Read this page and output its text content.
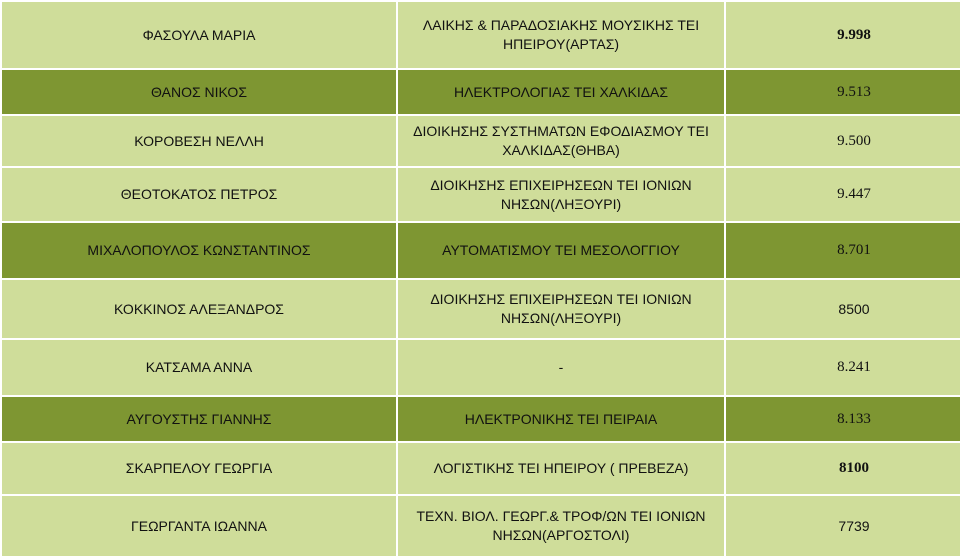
ΦΑΣΟΥΛΑ ΜΑΡΙΑ	ΛΑΙΚΗΣ & ΠΑΡΑΔΟΣΙΑΚΗΣ ΜΟΥΣΙΚΗΣ ΤΕΙ ΗΠΕΙΡΟΥ(ΑΡΤΑΣ)	9.998
ΘΑΝΟΣ ΝΙΚΟΣ	ΗΛΕΚΤΡΟΛΟΓΙΑΣ ΤΕΙ ΧΑΛΚΙΔΑΣ	9.513
ΚΟΡΟΒΕΣΗ ΝΕΛΛΗ	ΔΙΟΙΚΗΣΗΣ ΣΥΣΤΗΜΑΤΩΝ ΕΦΟΔΙΑΣΜΟΥ ΤΕΙ ΧΑΛΚΙΔΑΣ(ΘΗΒΑ)	9.500
ΘΕΟΤΟΚΑΤΟΣ ΠΕΤΡΟΣ	ΔΙΟΙΚΗΣΗΣ ΕΠΙΧΕΙΡΗΣΕΩΝ ΤΕΙ ΙΟΝΙΩΝ ΝΗΣΩΝ(ΛΗΞΟΥΡΙ)	9.447
ΜΙΧΑΛΟΠΟΥΛΟΣ ΚΩΝΣΤΑΝΤΙΝΟΣ	ΑΥΤΟΜΑΤΙΣΜΟΥ ΤΕΙ ΜΕΣΟΛΟΓΓΙΟΥ	8.701
ΚΟΚΚΙΝΟΣ ΑΛΕΞΑΝΔΡΟΣ	ΔΙΟΙΚΗΣΗΣ ΕΠΙΧΕΙΡΗΣΕΩΝ ΤΕΙ ΙΟΝΙΩΝ ΝΗΣΩΝ(ΛΗΞΟΥΡΙ)	8500
ΚΑΤΣΑΜΑ ΑΝΝΑ	-	8.241
ΑΥΓΟΥΣΤΗΣ ΓΙΑΝΝΗΣ	ΗΛΕΚΤΡΟΝΙΚΗΣ ΤΕΙ ΠΕΙΡΑΙΑ	8.133
ΣΚΑΡΠΕΛΟΥ ΓΕΩΡΓΙΑ	ΛΟΓΙΣΤΙΚΗΣ ΤΕΙ ΗΠΕΙΡΟΥ ( ΠΡΕΒΕΖΑ)	8100
ΓΕΩΡΓΑΝΤΑ ΙΩΑΝΝΑ	ΤΕΧΝ. ΒΙΟΛ. ΓΕΩΡΓ.& ΤΡΟΦ/ΩΝ ΤΕΙ ΙΟΝΙΩΝ ΝΗΣΩΝ(ΑΡΓΟΣΤΟΛΙ)	7739
